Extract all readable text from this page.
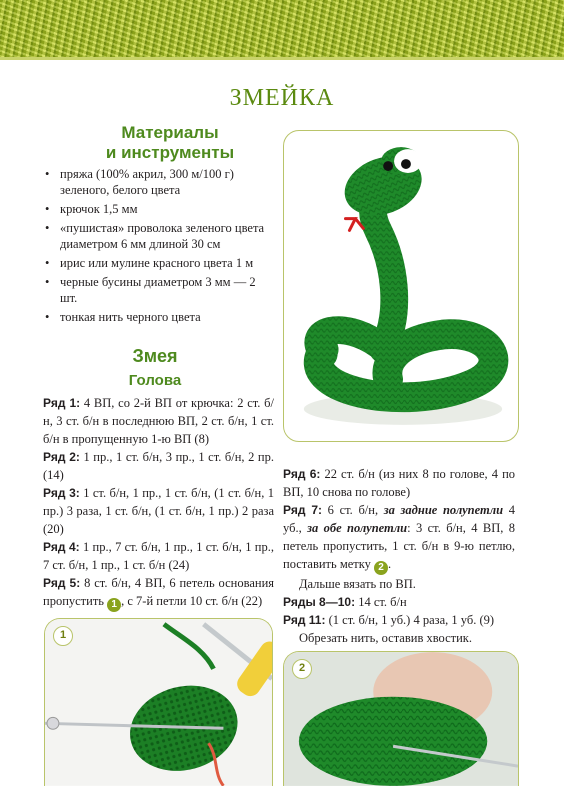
ЗМЕЙКА
Материалы
и инструменты
• пряжа (100% акрил, 300 м/100 г) зеленого, белого цвета
• крючок 1,5 мм
• «пушистая» проволока зеленого цвета диаметром 6 мм длиной 30 см
• ирис или мулине красного цвета 1 м
• черные бусины диаметром 3 мм — 2 шт.
• тонкая нить черного цвета
Змея
Голова

Ряд 1: 4 ВП, со 2-й ВП от крючка: 2 ст. б/н, 3 ст. б/н в последнюю ВП, 2 ст. б/н, 1 ст. б/н в пропущенную 1-ю ВП (8)

Ряд 2: 1 пр., 1 ст. б/н, 3 пр., 1 ст. б/н, 2 пр. (14)

Ряд 3: 1 ст. б/н, 1 пр., 1 ст. б/н, (1 ст. б/н, 1 пр.) 3 раза, 1 ст. б/н, (1 ст. б/н, 1 пр.) 2 раза (20)

Ряд 4: 1 пр., 7 ст. б/н, 1 пр., 1 ст. б/н, 1 пр., 7 ст. б/н, 1 пр., 1 ст. б/н (24)

Ряд 5: 8 ст. б/н, 4 ВП, 6 петель основания пропустить 1 , с 7-й петли 10 ст. б/н (22)

Ряд 6: 22 ст. б/н (из них 8 по голове, 4 по ВП, 10 снова по голове)

Ряд 7: 6 ст. б/н, за задние полупетли 4 уб., за обе полупетли: 3 ст. б/н, 4 ВП, 8 петель пропустить, 1 ст. б/н в 9-ю петлю, поставить метку 2 .

Дальше вязать по ВП.

Ряды 8—10: 14 ст. б/н

Ряд 11: (1 ст. б/н, 1 уб.) 4 раза, 1 уб. (9)

Обрезать нить, оставив хвостик.

1
2
